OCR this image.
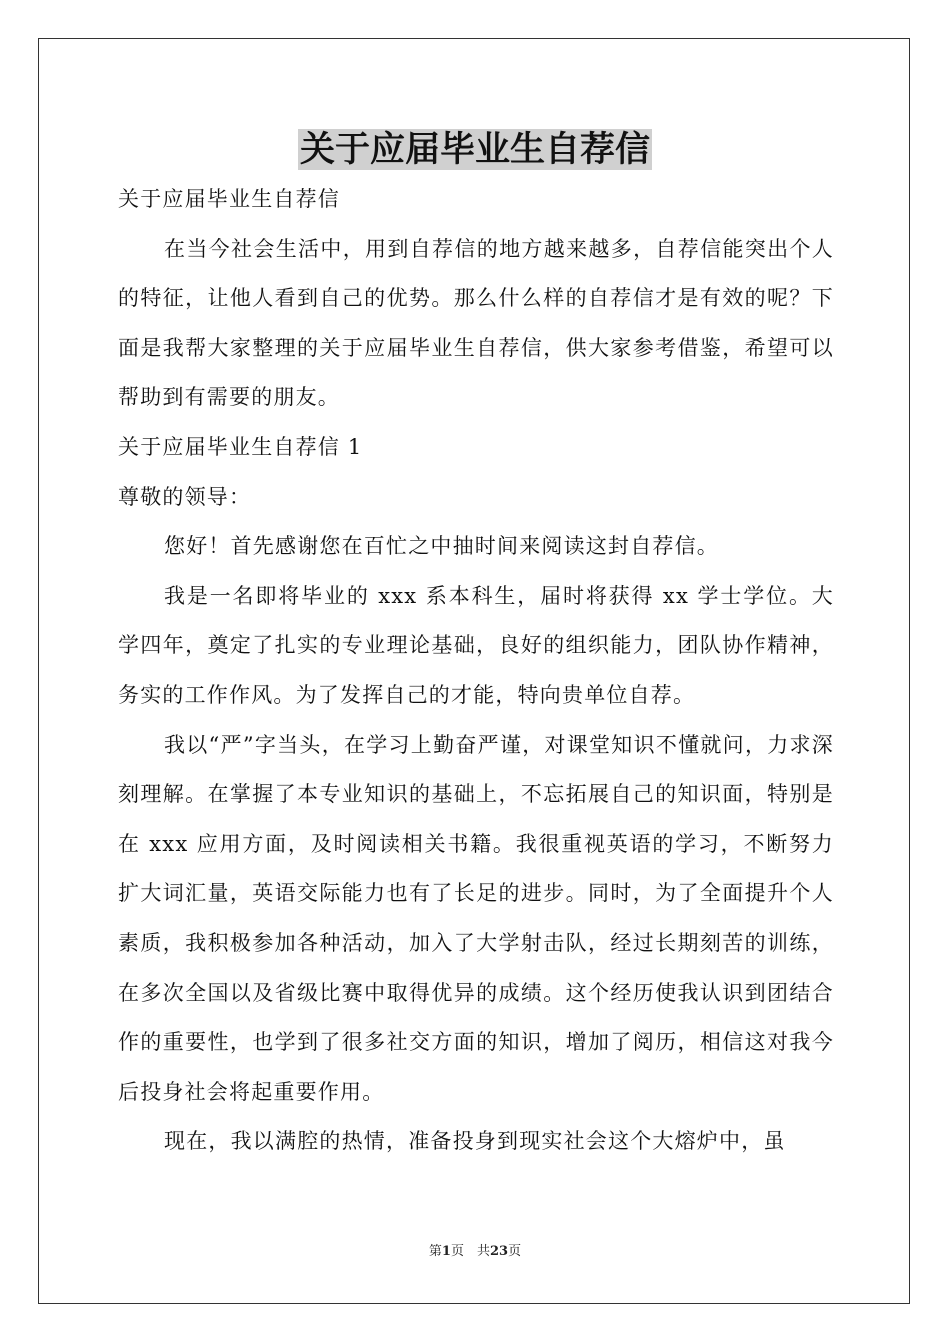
关于应届毕业生自荐信

关于应届毕业生自荐信

在当今社会生活中，用到自荐信的地方越来越多，自荐信能突出个人的特征，让他人看到自己的优势。那么什么样的自荐信才是有效的呢？下面是我帮大家整理的关于应届毕业生自荐信，供大家参考借鉴，希望可以帮助到有需要的朋友。

关于应届毕业生自荐信 1

尊敬的领导：

您好！首先感谢您在百忙之中抽时间来阅读这封自荐信。

我是一名即将毕业的 xxx 系本科生，届时将获得 xx 学士学位。大学四年，奠定了扎实的专业理论基础，良好的组织能力，团队协作精神，务实的工作作风。为了发挥自己的才能，特向贵单位自荐。

我以“严”字当头，在学习上勤奋严谨，对课堂知识不懂就问，力求深刻理解。在掌握了本专业知识的基础上，不忘拓展自己的知识面，特别是在 xxx 应用方面，及时阅读相关书籍。我很重视英语的学习，不断努力扩大词汇量，英语交际能力也有了长足的进步。同时，为了全面提升个人素质，我积极参加各种活动，加入了大学射击队，经过长期刻苦的训练，在多次全国以及省级比赛中取得优异的成绩。这个经历使我认识到团结合作的重要性，也学到了很多社交方面的知识，增加了阅历，相信这对我今后投身社会将起重要作用。

现在，我以满腔的热情，准备投身到现实社会这个大熔炉中，虽

第1页　共23页
